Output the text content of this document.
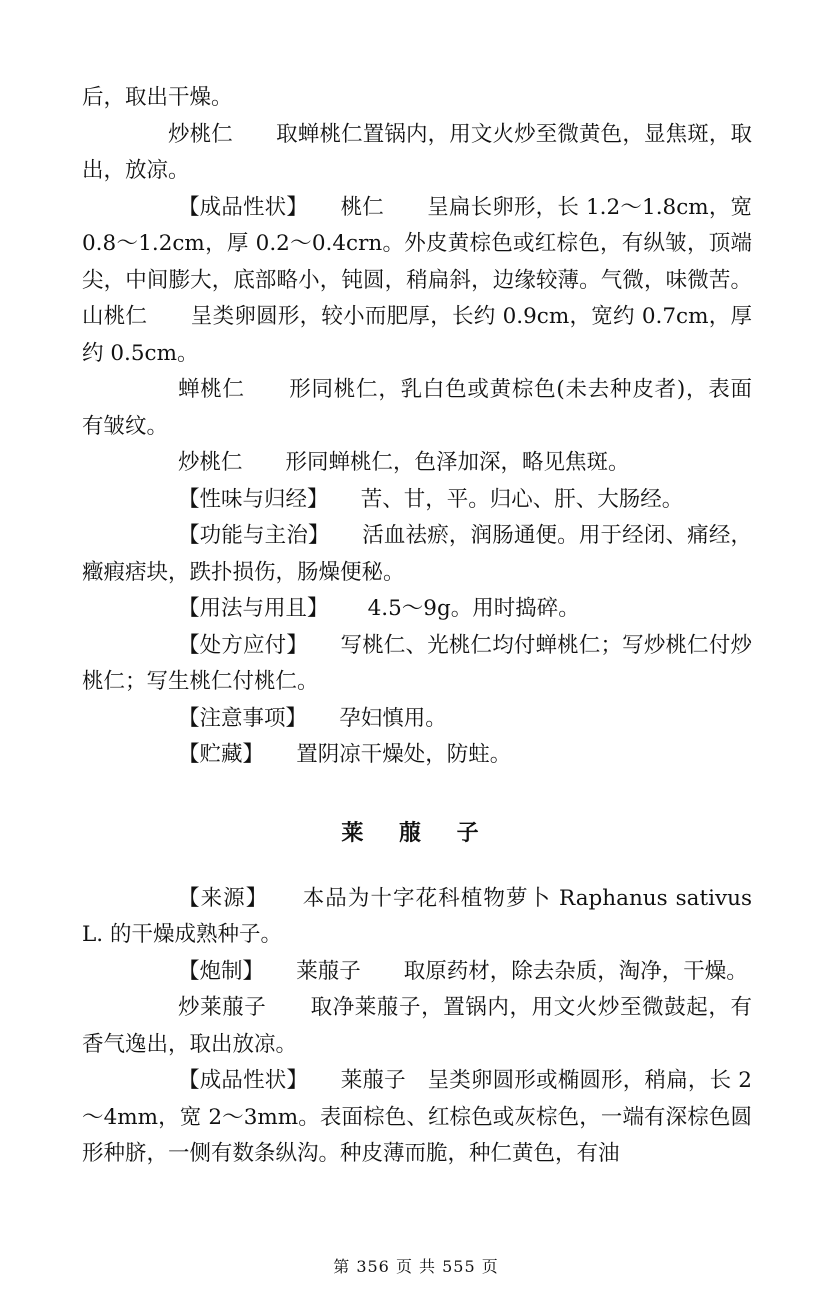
后，取出干燥。

炒桃仁　　取蝉桃仁置锅内，用文火炒至微黄色，显焦斑，取出，放凉。

【成品性状】　　桃仁　　呈扁长卵形，长 1.2～1.8cm，宽 0.8～1.2cm，厚 0.2～0.4crn。外皮黄棕色或红棕色，有纵皱，顶端尖，中间膨大，底部略小，钝圆，稍扁斜，边缘较薄。气微，味微苦。山桃仁　　呈类卵圆形，较小而肥厚，长约 0.9cm，宽约 0.7cm，厚约 0.5cm。

蝉桃仁　　形同桃仁，乳白色或黄棕色(未去种皮者)，表面有皱纹。

炒桃仁　　形同蝉桃仁，色泽加深，略见焦斑。

【性味与归经】　　苦、甘，平。归心、肝、大肠经。

【功能与主治】　　活血祛瘀，润肠通便。用于经闭、痛经，癥瘕痞块，跌扑损伤，肠燥便秘。

【用法与用且】　　 4.5～9g。用时捣碎。

【处方应付】　　写桃仁、光桃仁均付蝉桃仁；写炒桃仁付炒桃仁；写生桃仁付桃仁。

【注意事项】　　孕妇慎用。

【贮藏】　　置阴凉干燥处，防蛀。

莱 菔 子

【来源】　　本品为十字花科植物萝卜 Raphanus sativus L. 的干燥成熟种子。

【炮制】　　莱菔子　　取原药材，除去杂质，淘净，干燥。

炒莱菔子　　取净莱菔子，置锅内，用文火炒至微鼓起，有香气逸出，取出放凉。

【成品性状】　　莱菔子　呈类卵圆形或椭圆形，稍扁，长 2～4mm，宽 2～3mm。表面棕色、红棕色或灰棕色，一端有深棕色圆形种脐，一侧有数条纵沟。种皮薄而脆，种仁黄色，有油

第 356 页 共 555 页
